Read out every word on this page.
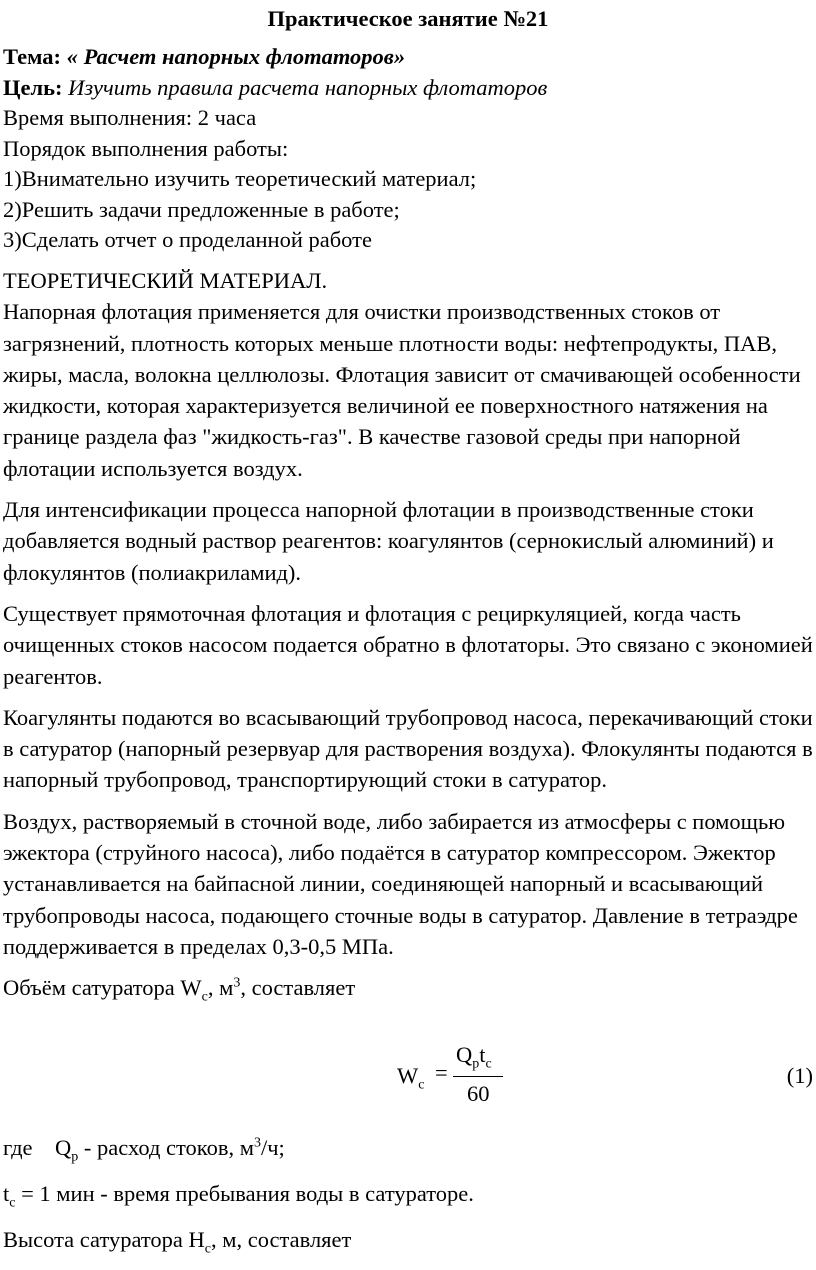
Практическое занятие №21
Тема: « Расчет напорных флотаторов»
Цель: Изучить правила расчета напорных флотаторов
Время выполнения: 2 часа
Порядок выполнения работы:
1)Внимательно изучить теоретический материал;
2)Решить задачи предложенные в работе;
3)Сделать отчет о проделанной работе
ТЕОРЕТИЧЕСКИЙ МАТЕРИАЛ.

Напорная флотация применяется для очистки производственных стоков от загрязнений, плотность которых меньше плотности воды: нефтепродукты, ПАВ, жиры, масла, волокна целлюлозы. Флотация зависит от смачивающей особенности жидкости, которая характеризуется величиной ее поверхностного натяжения на границе раздела фаз "жидкость-газ". В качестве газовой среды при напорной флотации используется воздух.

Для интенсификации процесса напорной флотации в производственные стоки добавляется водный раствор реагентов: коагулянтов (сернокислый алюминий) и флокулянтов (полиакриламид).

Существует прямоточная флотация и флотация с рециркуляцией, когда часть очищенных стоков насосом подается обратно в флотаторы. Это связано с экономией реагентов.

Коагулянты подаются во всасывающий трубопровод насоса, перекачивающий стоки в сатуратор (напорный резервуар для растворения воздуха). Флокулянты подаются в напорный трубопровод, транспортирующий стоки в сатуратор.

Воздух, растворяемый в сточной воде, либо забирается из атмосферы с помощью эжектора (струйного насоса), либо подаётся в сатуратор компрессором. Эжектор устанавливается на байпасной линии, соединяющей напорный и всасывающий трубопроводы насоса, подающего сточные воды в сатуратор. Давление в тетраэдре поддерживается в пределах 0,3-0,5 МПа.

Объём сатуратора $W_с$, $м^3$, составляет
$W_c$ =
$Q_pt_c$
60
(1)
где $Q_p$ - расход стоков, $м^3/ч$;
$t_c = 1$ мин - время пребывания воды в сатураторе.
Высота сатуратора $H_с$, м, составляет
